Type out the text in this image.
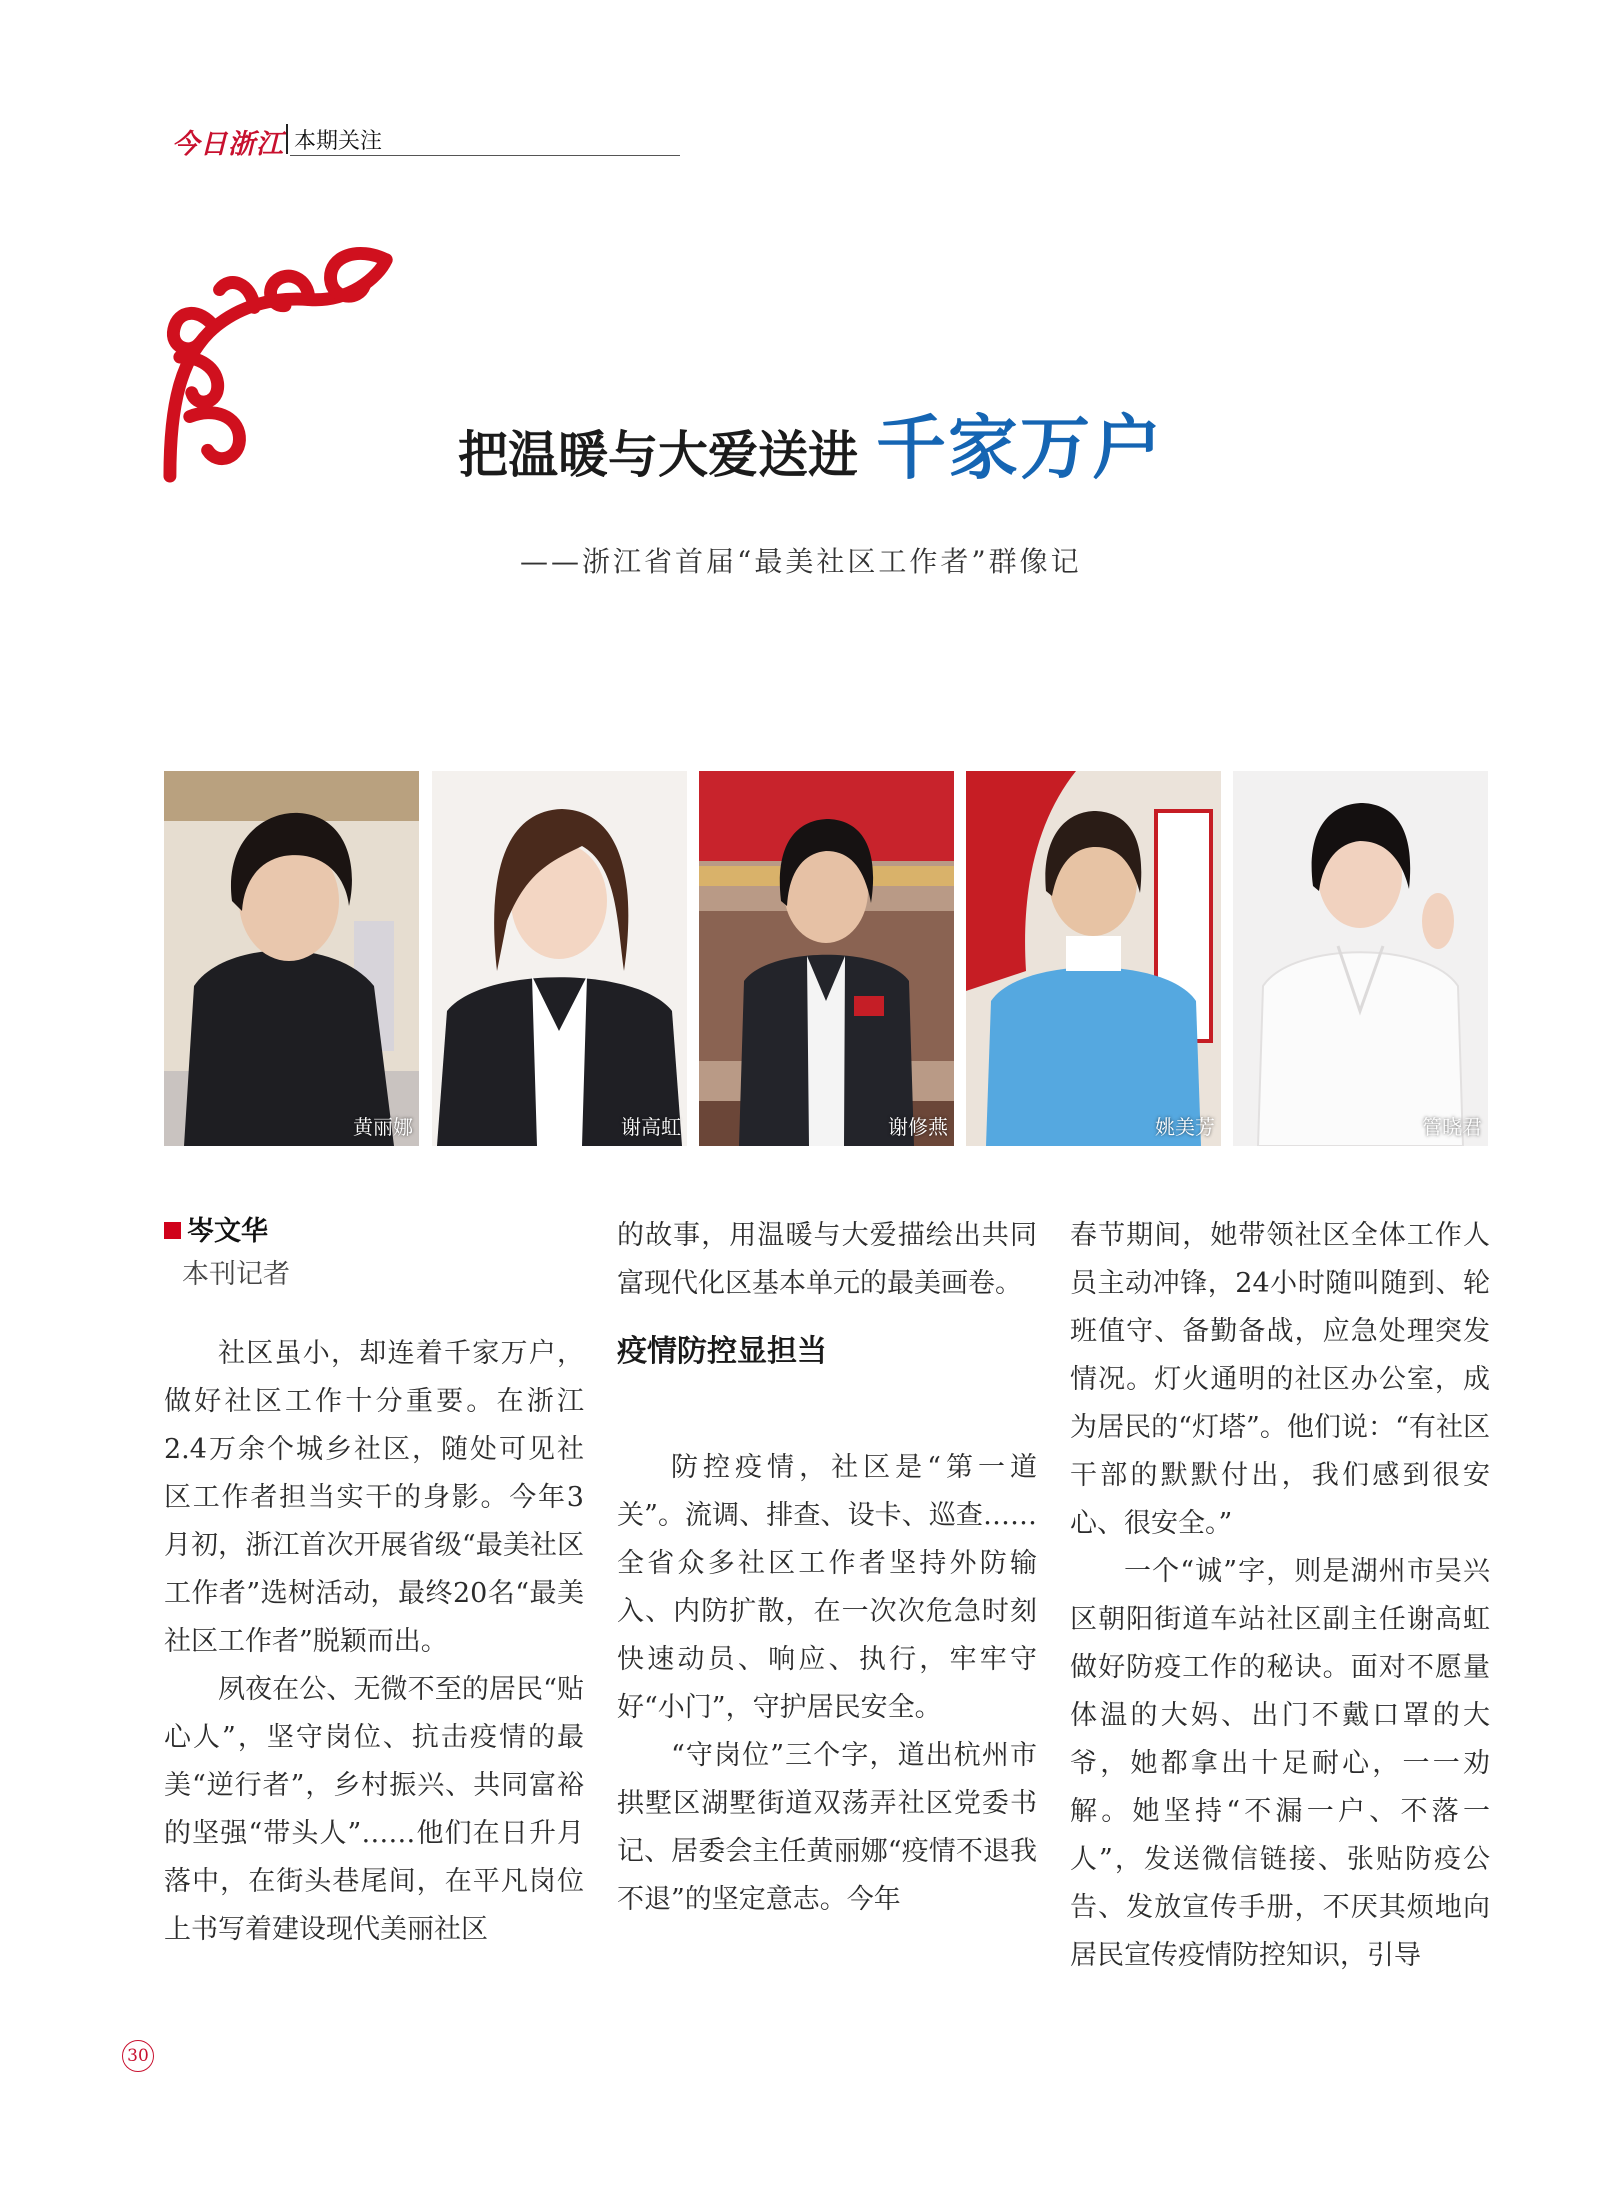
今日浙江 本期关注
把温暖与大爱送进 千家万户
——浙江省首届“最美社区工作者”群像记
黄丽娜	谢高虹	谢修燕	姚美芳	管晓君
岑文华
本刊记者

社区虽小，却连着千家万户，做好社区工作十分重要。在浙江2.4万余个城乡社区，随处可见社区工作者担当实干的身影。今年3月初，浙江首次开展省级“最美社区工作者”选树活动，最终20名“最美社区工作者”脱颖而出。

夙夜在公、无微不至的居民“贴心人”，坚守岗位、抗击疫情的最美“逆行者”，乡村振兴、共同富裕的坚强“带头人”……他们在日升月落中，在街头巷尾间，在平凡岗位上书写着建设现代美丽社区

的故事，用温暖与大爱描绘出共同富现代化区基本单元的最美画卷。

疫情防控显担当

防控疫情，社区是“第一道关”。流调、排查、设卡、巡查……全省众多社区工作者坚持外防输入、内防扩散，在一次次危急时刻快速动员、响应、执行，牢牢守好“小门”，守护居民安全。

“守岗位”三个字，道出杭州市拱墅区湖墅街道双荡弄社区党委书记、居委会主任黄丽娜“疫情不退我不退”的坚定意志。今年

春节期间，她带领社区全体工作人员主动冲锋，24小时随叫随到、轮班值守、备勤备战，应急处理突发情况。灯火通明的社区办公室，成为居民的“灯塔”。他们说：“有社区干部的默默付出，我们感到很安心、很安全。”

一个“诚”字，则是湖州市吴兴区朝阳街道车站社区副主任谢高虹做好防疫工作的秘诀。面对不愿量体温的大妈、出门不戴口罩的大爷，她都拿出十足耐心，一一劝解。她坚持“不漏一户、不落一人”，发送微信链接、张贴防疫公告、发放宣传手册，不厌其烦地向居民宣传疫情防控知识，引导

30
